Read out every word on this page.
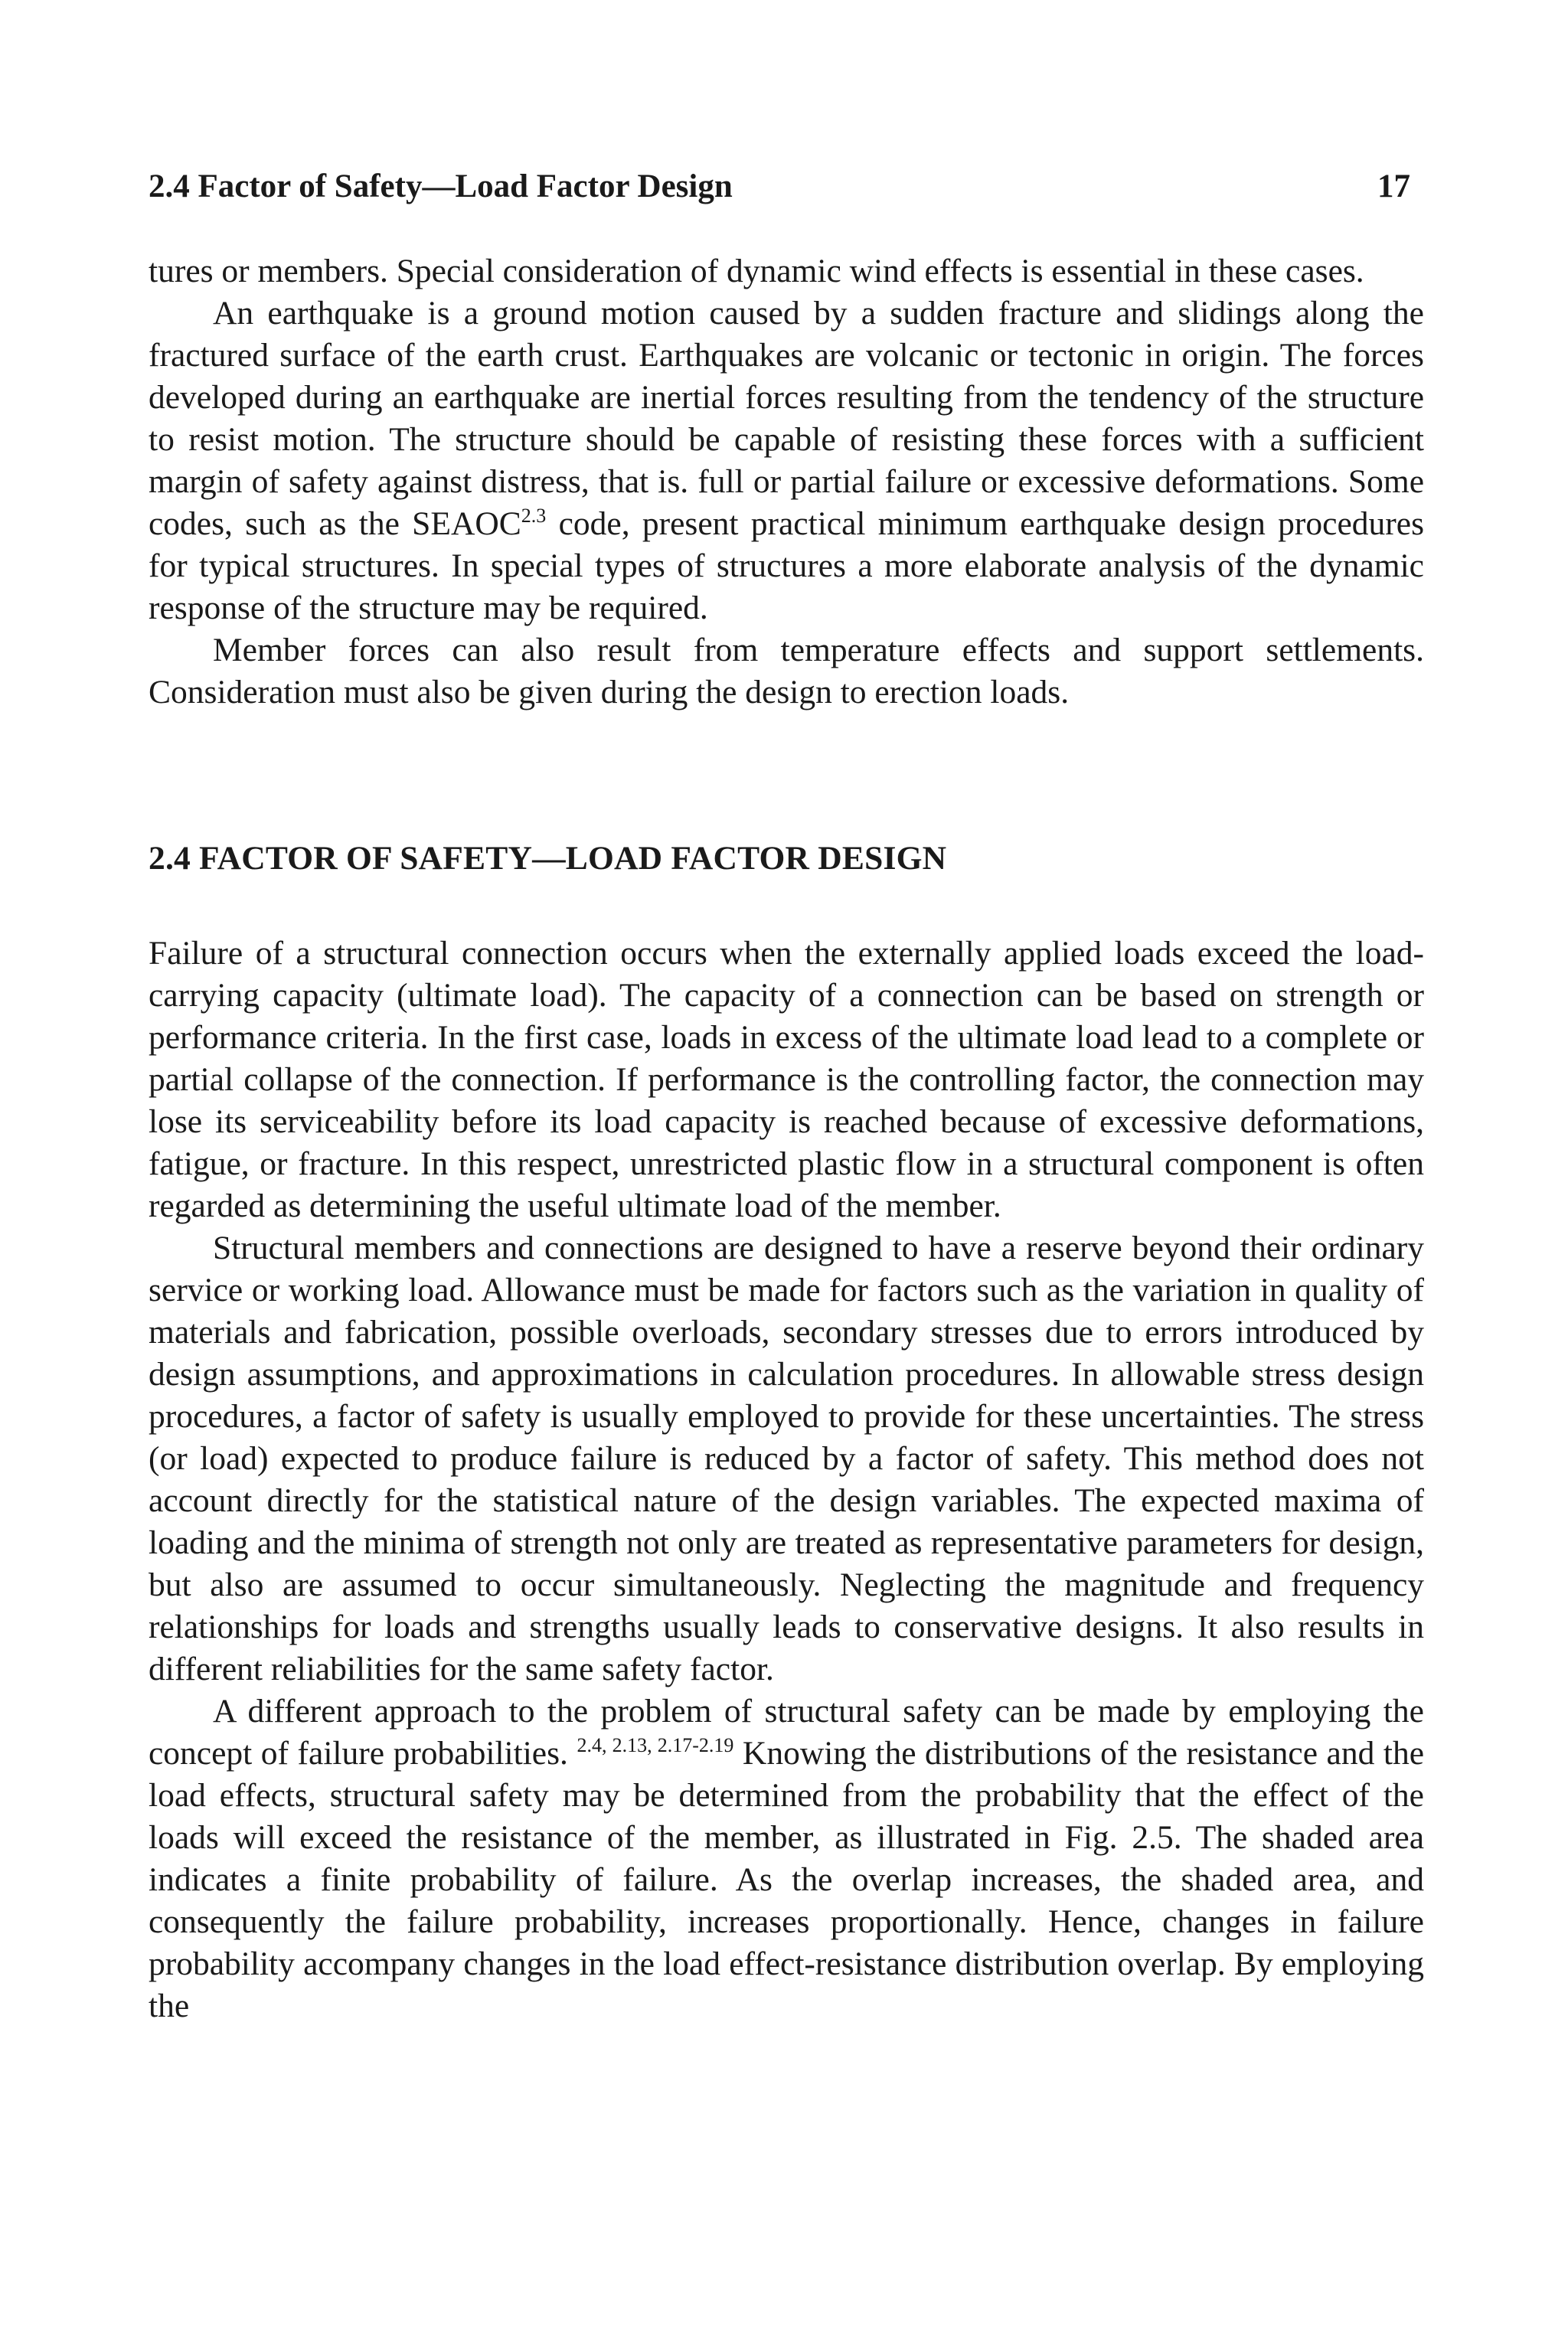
2.4 Factor of Safety—Load Factor Design	17

tures or members. Special consideration of dynamic wind effects is essential in these cases.

An earthquake is a ground motion caused by a sudden fracture and slidings along the fractured surface of the earth crust. Earthquakes are volcanic or tectonic in origin. The forces developed during an earthquake are inertial forces resulting from the tendency of the structure to resist motion. The structure should be capable of resisting these forces with a sufficient margin of safety against distress, that is. full or partial failure or excessive deformations. Some codes, such as the $SEAOC^{2.3}$ code, present practical minimum earthquake design procedures for typical structures. In special types of structures a more elaborate analysis of the dynamic response of the structure may be required.

Member forces can also result from temperature effects and support settlements. Consideration must also be given during the design to erection loads.

2.4 FACTOR OF SAFETY—LOAD FACTOR DESIGN

Failure of a structural connection occurs when the externally applied loads exceed the load-carrying capacity (ultimate load). The capacity of a connection can be based on strength or performance criteria. In the first case, loads in excess of the ultimate load lead to a complete or partial collapse of the connection. If performance is the controlling factor, the connection may lose its serviceability before its load capacity is reached because of excessive deformations, fatigue, or fracture. In this respect, unrestricted plastic flow in a structural component is often regarded as determining the useful ultimate load of the member.

Structural members and connections are designed to have a reserve beyond their ordinary service or working load. Allowance must be made for factors such as the variation in quality of materials and fabrication, possible overloads, secondary stresses due to errors introduced by design assumptions, and approximations in calculation procedures. In allowable stress design procedures, a factor of safety is usually employed to provide for these uncertainties. The stress (or load) expected to produce failure is reduced by a factor of safety. This method does not account directly for the statistical nature of the design variables. The expected maxima of loading and the minima of strength not only are treated as representative parameters for design, but also are assumed to occur simultaneously. Neglecting the magnitude and frequency relationships for loads and strengths usually leads to conservative designs. It also results in different reliabilities for the same safety factor.

A different approach to the problem of structural safety can be made by employing the concept of failure probabilities. $^{2.4, 2.13, 2.17-2.19}$ Knowing the distributions of the resistance and the load effects, structural safety may be determined from the probability that the effect of the loads will exceed the resistance of the member, as illustrated in Fig. 2.5. The shaded area indicates a finite probability of failure. As the overlap increases, the shaded area, and consequently the failure probability, increases proportionally. Hence, changes in failure probability accompany changes in the load effect-resistance distribution overlap. By employing the
